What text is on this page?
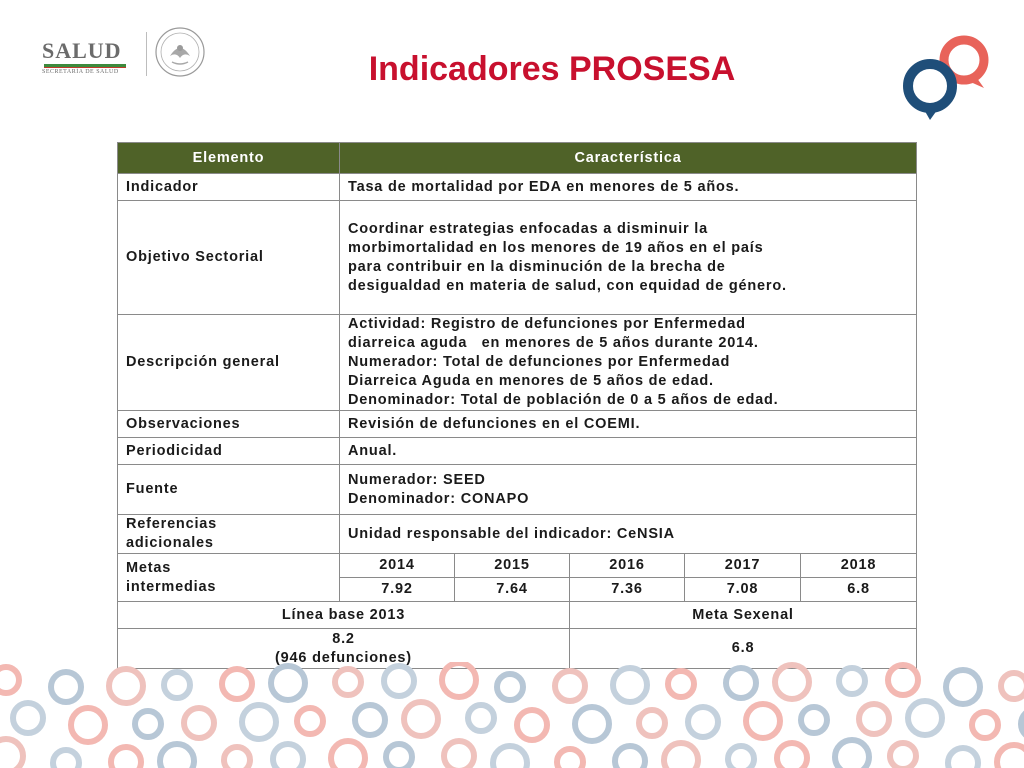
SALUD
SECRETARÍA DE SALUD	Indicadores PROSESA
Elemento	Característica				
Indicador	Tasa de mortalidad por EDA en menores de 5 años.				
Objetivo Sectorial	Coordinar estrategias enfocadas a disminuir la
morbimortalidad en los menores de 19 años en el país
para contribuir en la disminución de la brecha de
desigualdad en materia de salud, con equidad de género.				

Descripción general	Actividad: Registro de defunciones por Enfermedad
diarreica aguda   en menores de 5 años durante 2014.
Numerador: Total de defunciones por Enfermedad
Diarreica Aguda en menores de 5 años de edad.
Denominador: Total de población de 0 a 5 años de edad.				

Observaciones	Revisión de defunciones en el COEMI.				
Periodicidad	Anual.				
Fuente	Numerador: SEED
Denominador: CONAPO				

Referencias
adicionales	Unidad responsable del indicador: CeNSIA				

Metas
intermedias	2014	2015	2016	2017	2018
	7.92	7.64	7.36	7.08	6.8
Línea base 2013			Meta Sexenal		

8.2
(946 defunciones)			6.8		
